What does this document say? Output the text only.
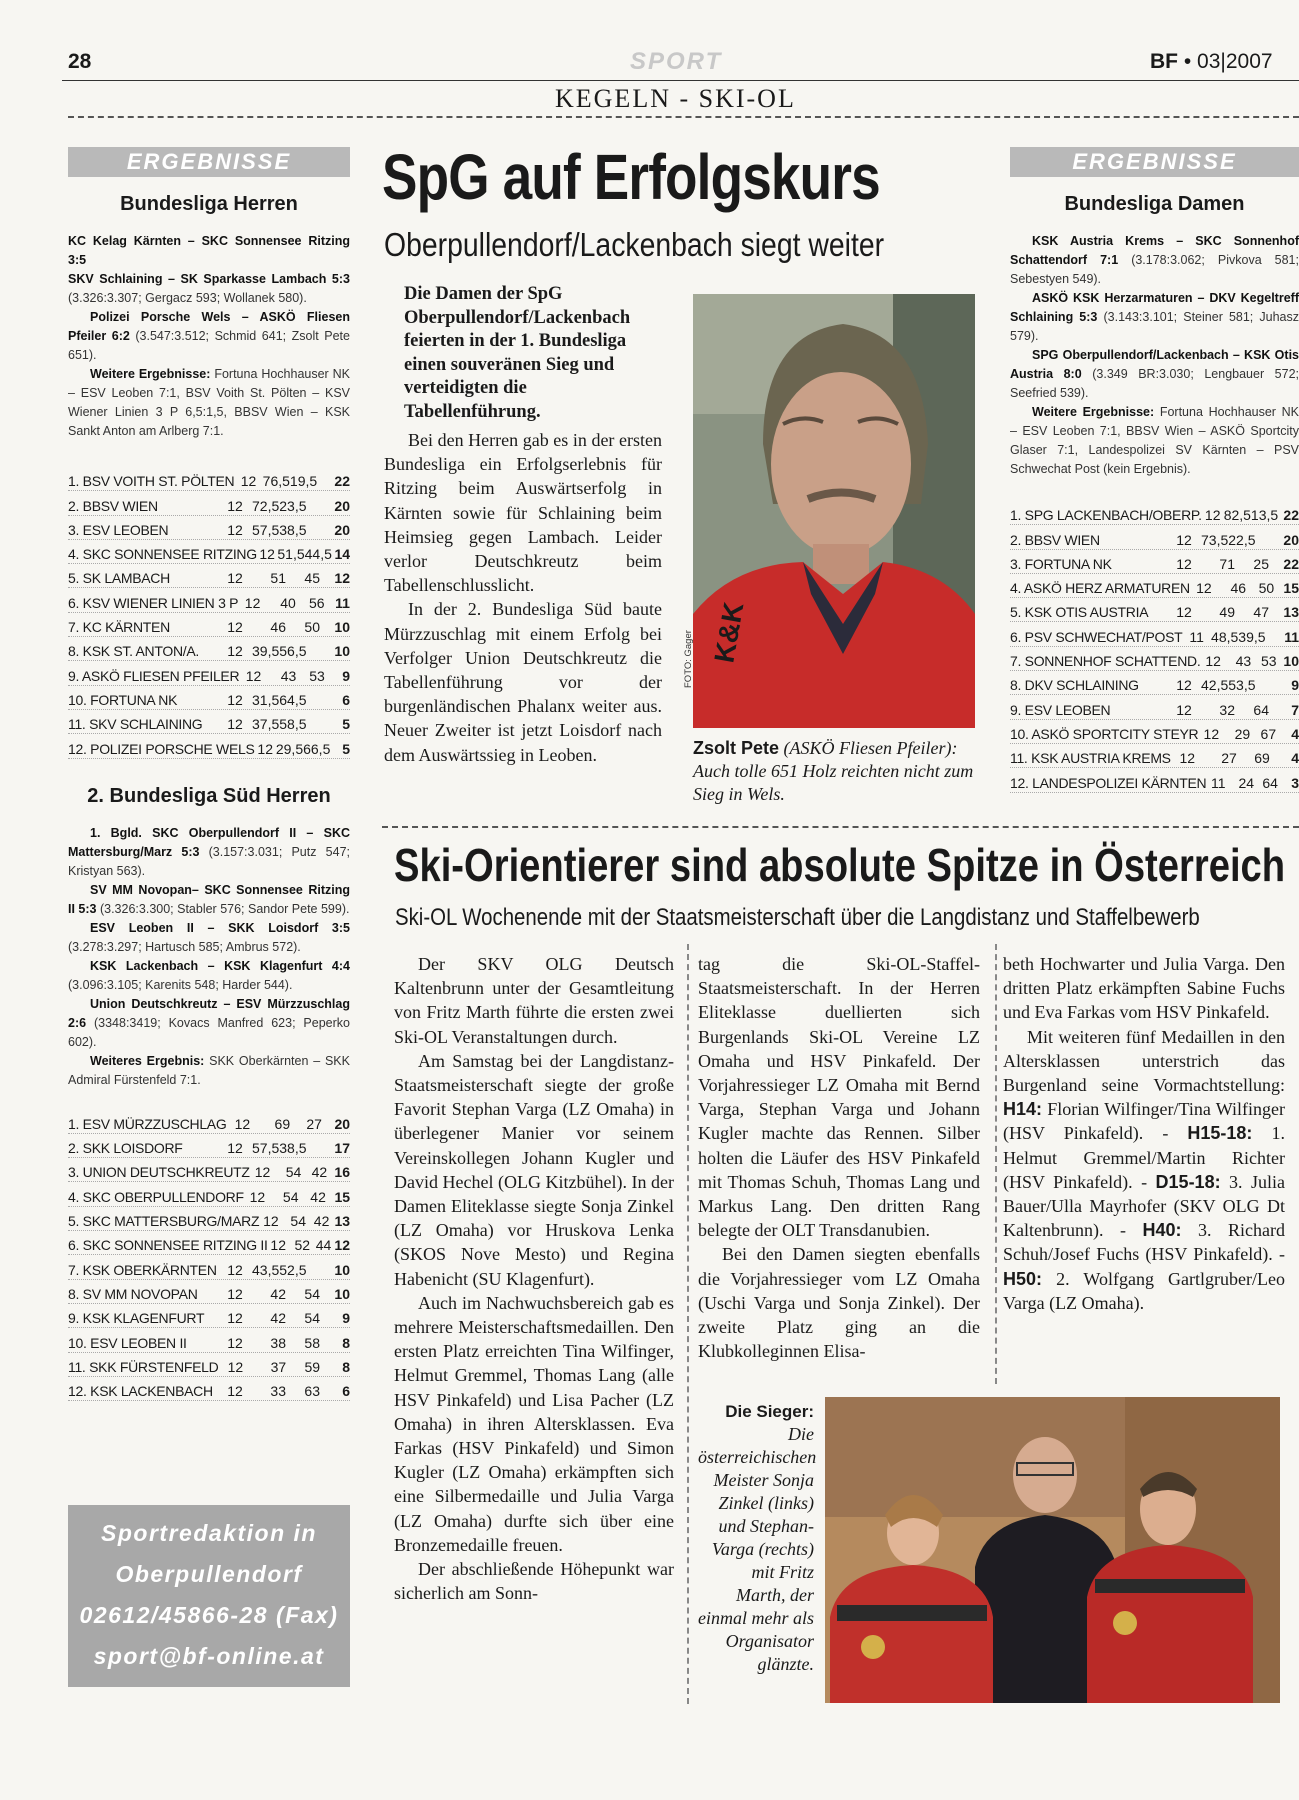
28	SPORT	BF • 03|2007
KEGELN - SKI-OL
ERGEBNISSE
Bundesliga Herren
KC Kelag Kärnten – SKC Sonnensee Ritzing 3:5
SKV Schlaining – SK Sparkasse Lambach 5:3 (3.326:3.307; Gergacz 593; Wollanek 580).
Polizei Porsche Wels – ASKÖ Fliesen Pfeiler 6:2 (3.547:3.512; Schmid 641; Zsolt Pete 651).
Weitere Ergebnisse: Fortuna Hochhauser NK – ESV Leoben 7:1, BSV Voith St. Pölten – KSV Wiener Linien 3 P 6,5:1,5, BBSV Wien – KSK Sankt Anton am Arlberg 7:1.
1. BSV VOITH ST. PÖLTEN 12 76,519,5	22
2. BBSV WIEN	12 72,523,5	20
3. ESV LEOBEN	12 57,538,5	20
4. SKC SONNENSEE RITZING 12 51,544,5 14
5. SK LAMBACH	12	51	45	12
6. KSV WIENER LINIEN 3 P 12	40 56 11
7. KC KÄRNTEN	12	46	50	10
8. KSK ST. ANTON/A.	12 39,556,5	10
9. ASKÖ FLIESEN PFEILER 12	43 53	9
10. FORTUNA NK	12 31,564,5	6
11. SKV SCHLAINING	12 37,558,5	5
12. POLIZEI PORSCHE WELS 12 29,566,5 5
2. Bundesliga Süd Herren
1. Bgld. SKC Oberpullendorf II – SKC Mattersburg/Marz 5:3 (3.157:3.031; Putz 547; Kristyan 563).
SV MM Novopan– SKC Sonnensee Ritzing II 5:3 (3.326:3.300; Stabler 576; Sandor Pete 599).
ESV Leoben II – SKK Loisdorf 3:5 (3.278:3.297; Hartusch 585; Ambrus 572).
KSK Lackenbach – KSK Klagenfurt 4:4 (3.096:3.105; Karenits 548; Harder 544).
Union Deutschkreutz – ESV Mürzzuschlag 2:6 (3348:3419; Kovacs Manfred 623; Peperko 602).
Weiteres Ergebnis: SKK Oberkärnten – SKK Admiral Fürstenfeld 7:1.
1. ESV MÜRZZUSCHLAG 12	69	27 20
2. SKK LOISDORF	12 57,538,5	17
3. UNION DEUTSCHKREUTZ 12	54 42 16
4. SKC OBERPULLENDORF 12	54 42 15
5. SKC MATTERSBURG/MARZ 12 54 42 13
6. SKC SONNENSEE RITZING II 12 52 44 12
7. KSK OBERKÄRNTEN 12 43,552,5	10
8. SV MM NOVOPAN	12	42	54	10
9. KSK KLAGENFURT	12	42	54	9
10. ESV LEOBEN II	12	38	58	8
11. SKK FÜRSTENFELD 12	37	59	8
12. KSK LACKENBACH	12	33	63	6
Sportredaktion in
Oberpullendorf
02612/45866-28 (Fax)
sport@bf-online.at
SpG auf Erfolgskurs
Oberpullendorf/Lackenbach siegt weiter
Die Damen der SpG Oberpullendorf/Lackenbach feierten in der 1. Bundesliga einen souveränen Sieg und verteidigten die Tabellenführung.

Bei den Herren gab es in der ersten Bundesliga ein Erfolgserlebnis für Ritzing beim Auswärtserfolg in Kärnten sowie für Schlaining beim Heimsieg gegen Lambach. Leider verlor Deutschkreutz beim Tabellenschlusslicht.

In der 2. Bundesliga Süd baute Mürzzuschlag mit einem Erfolg bei Verfolger Union Deutschkreutz die Tabellenführung vor der burgenländischen Phalanx weiter aus. Neuer Zweiter ist jetzt Loisdorf nach dem Auswärtssieg in Leoben.

K&K
FOTO: Gager
Zsolt Pete (ASKÖ Fliesen Pfeiler): Auch tolle 651 Holz reichten nicht zum Sieg in Wels.
ERGEBNISSE
Bundesliga Damen
KSK Austria Krems – SKC Sonnenhof Schattendorf 7:1 (3.178:3.062; Pivkova 581; Sebestyen 549).
ASKÖ KSK Herzarmaturen – DKV Kegeltreff Schlaining 5:3 (3.143:3.101; Steiner 581; Juhasz 579).
SPG Oberpullendorf/Lackenbach – KSK Otis Austria 8:0 (3.349 BR:3.030; Lengbauer 572; Seefried 539).
Weitere Ergebnisse: Fortuna Hochhauser NK – ESV Leoben 7:1, BBSV Wien – ASKÖ Sportcity Glaser 7:1, Landespolizei SV Kärnten – PSV Schwechat Post (kein Ergebnis).
1. SPG LACKENBACH/OBERP. 12 82,513,5 22
2. BBSV WIEN	12 73,522,5	20
3. FORTUNA NK	12	71	25	22
4. ASKÖ HERZ ARMATUREN 12	46 50 15
5. KSK OTIS AUSTRIA	12	49	47	13
6. PSV SCHWECHAT/POST 11 48,539,5	11
7. SONNENHOF SCHATTEND. 12	43 53 10
8. DKV SCHLAINING	12 42,553,5	9
9. ESV LEOBEN	12	32	64	7
10. ASKÖ SPORTCITY STEYR 12	29 67	4
11. KSK AUSTRIA KREMS 12	27	69	4
12. LANDESPOLIZEI KÄRNTEN 11 24 64 3
Ski-Orientierer sind absolute Spitze in Österreich
Ski-OL Wochenende mit der Staatsmeisterschaft über die Langdistanz und Staffelbewerb

Der SKV OLG Deutsch Kaltenbrunn unter der Gesamtleitung von Fritz Marth führte die ersten zwei Ski-OL Veranstaltungen durch.

Am Samstag bei der Langdistanz-Staatsmeisterschaft siegte der große Favorit Stephan Varga (LZ Omaha) in überlegener Manier vor seinem Vereinskollegen Johann Kugler und David Hechel (OLG Kitzbühel). In der Damen Eliteklasse siegte Sonja Zinkel (LZ Omaha) vor Hruskova Lenka (SKOS Nove Mesto) und Regina Habenicht (SU Klagenfurt).

Auch im Nachwuchsbereich gab es mehrere Meisterschaftsmedaillen. Den ersten Platz erreichten Tina Wilfinger, Helmut Gremmel, Thomas Lang (alle HSV Pinkafeld) und Lisa Pacher (LZ Omaha) in ihren Altersklassen. Eva Farkas (HSV Pinkafeld) und Simon Kugler (LZ Omaha) erkämpften sich eine Silbermedaille und Julia Varga (LZ Omaha) durfte sich über eine Bronzemedaille freuen.

Der abschließende Höhepunkt war sicherlich am Sonn-

tag die Ski-OL-Staffel-Staatsmeisterschaft. In der Herren Eliteklasse duellierten sich Burgenlands Ski-OL Vereine LZ Omaha und HSV Pinkafeld. Der Vorjahressieger LZ Omaha mit Bernd Varga, Stephan Varga und Johann Kugler machte das Rennen. Silber holten die Läufer des HSV Pinkafeld mit Thomas Schuh, Thomas Lang und Markus Lang. Den dritten Rang belegte der OLT Transdanubien.

Bei den Damen siegten ebenfalls die Vorjahressieger vom LZ Omaha (Uschi Varga und Sonja Zinkel). Der zweite Platz ging an die Klubkolleginnen Elisa-

beth Hochwarter und Julia Varga. Den dritten Platz erkämpften Sabine Fuchs und Eva Farkas vom HSV Pinkafeld.

Mit weiteren fünf Medaillen in den Altersklassen unterstrich das Burgenland seine Vormachtstellung: H14: Florian Wilfinger/Tina Wilfinger (HSV Pinkafeld). - H15-18: 1. Helmut Gremmel/Martin Richter (HSV Pinkafeld). - D15-18: 3. Julia Bauer/Ulla Mayrhofer (SKV OLG Dt Kaltenbrunn). - H40: 3. Richard Schuh/Josef Fuchs (HSV Pinkafeld). - H50: 2. Wolfgang Gartlgruber/Leo Varga (LZ Omaha).

Die Sieger:
Die österreichischen Meister Sonja Zinkel (links) und Stephan-Varga (rechts) mit Fritz Marth, der einmal mehr als Organisator glänzte.
